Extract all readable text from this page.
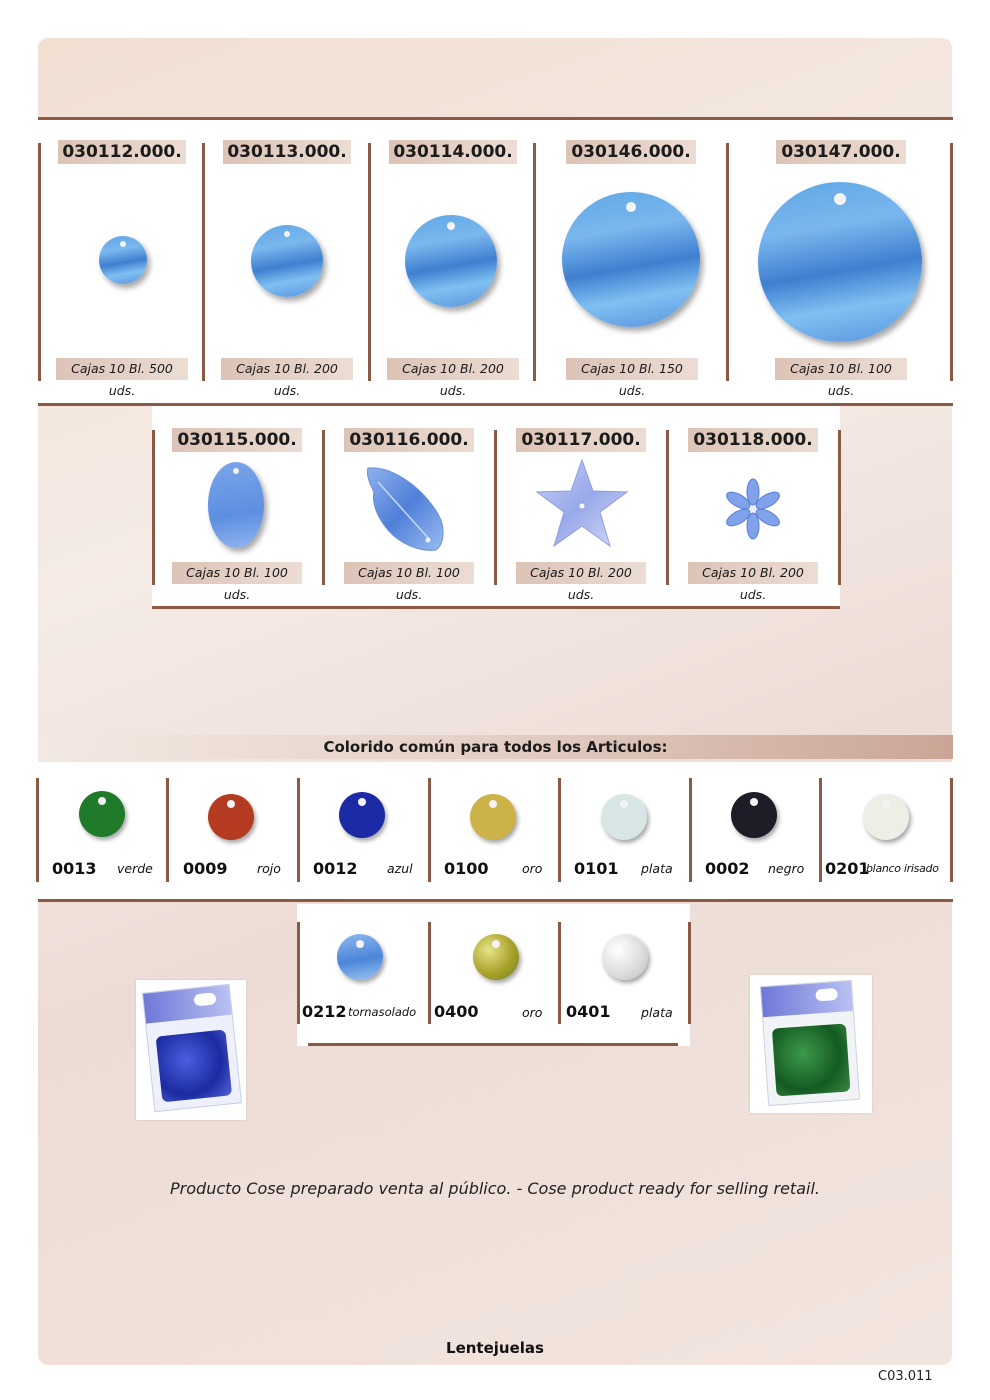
030112.000.	030113.000.	030114.000.	030146.000.	030147.000.
Cajas 10 Bl. 500 uds.
Cajas 10 Bl. 200 uds.
Cajas 10 Bl. 200 uds.
Cajas 10 Bl. 150 uds.
Cajas 10 Bl. 100 uds.
030115.000.	030116.000.	030117.000.	030118.000.
Cajas 10 Bl. 100 uds.
Cajas 10 Bl. 100 uds.
Cajas 10 Bl. 200 uds.
Cajas 10 Bl. 200 uds.
Colorido común para todos los Articulos:
0013 verde 0009 rojo 0012 azul 0100	oro 0101 plata 0002 negro 0201
blanco irisado
0212 tornasolado 0400	oro 0401 plata
Producto Cose preparado venta al público. - Cose product ready for selling retail.
Lentejuelas
C03.011
